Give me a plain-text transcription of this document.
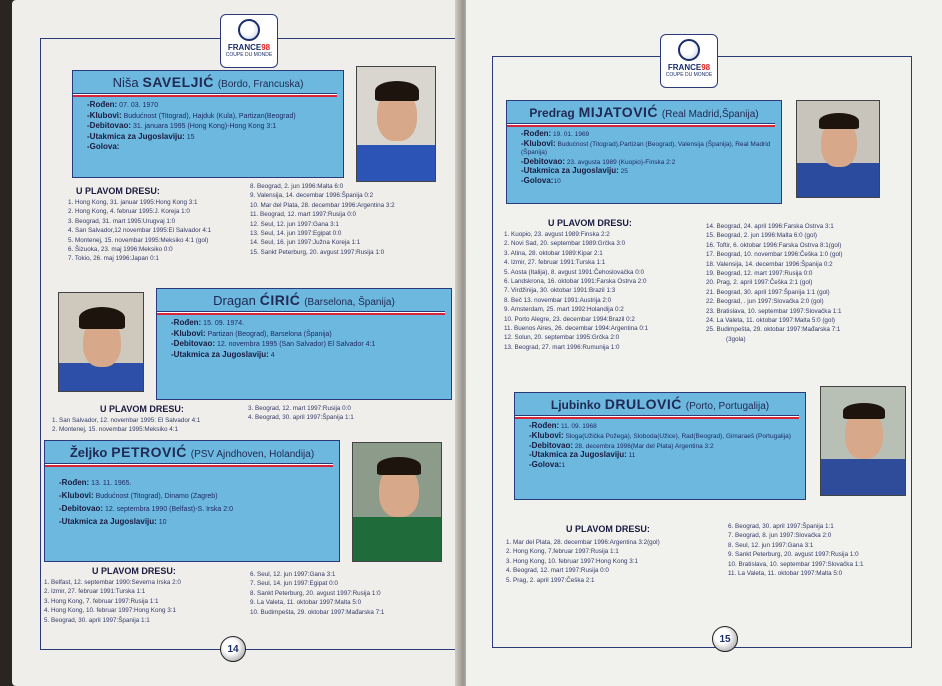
FRANCE98
COUPE DU MONDE
Niša SAVELJIĆ (Bordo, Francuska)
-Rođen: 07. 03. 1970
-Klubovi: Budućnost (Titograd), Hajduk (Kula), Partizan(Beograd)
-Debitovao: 31. januara 1995 (Hong Kong)-Hong Kong 3:1
-Utakmica za Jugoslaviju: 15
-Golova:
U PLAVOM DRESU:
1. Hong Kong, 31. januar 1995:Hong Kong 3:1
2. Hong Kong, 4. februar 1995:J. Koreja 1:0
3. Beograd, 31. mart 1995:Urugvaj 1:0
4. San Salvador,12 novembar 1995:El Salvador 4:1
5. Montenej, 15. novembar 1995:Meksiko 4:1 (gol)
6. Šizuoka, 23. maj 1996:Meksiko 0:0
7. Tokio, 26. maj 1996:Japan 0:1
8. Beograd, 2. jun 1996:Malta 6:0
9. Valensija, 14. decembar 1996:Španija 0:2
10. Mar del Plata, 28. decembar 1996:Argentina 3:2
11. Beograd, 12. mart 1997:Rusija 0:0
12. Seul, 12. jun 1997:Gana 3:1
13. Seul, 14. jun 1997:Egipat 0:0
14. Seul, 16. jun 1997:Južna Koreja 1:1
15. Sankt Peterburg, 20. avgust 1997:Rusija 1:0
Dragan ĆIRIĆ (Barselona, Španija)
-Rođen: 15. 09. 1974.
-Klubovi: Partizan (Beograd), Barselona (Španija)
-Debitovao: 12. novembra 1995 (San Salvador) El Salvador 4:1
-Utakmica za Jugoslaviju: 4
U PLAVOM DRESU:
1. San Salvador, 12. novembar 1995: El Salvador 4:1
2. Montenej, 15. novembar 1995:Meksiko 4:1
3. Beograd, 12. mart 1997:Rusija 0:0
4. Beograd, 30. april 1997:Španija 1:1
Željko PETROVIĆ (PSV Ajndhoven, Holandija)
-Rođen: 13. 11. 1965.
-Klubovi: Budućnost (Titograd), Dinamo (Zagreb)
-Debitovao: 12. septembra 1990 (Belfast)-S. Irska 2:0
-Utakmica za Jugoslaviju: 10
U PLAVOM DRESU:
1. Belfast, 12. septembar 1990:Severna Irska 2:0
2. Izmir, 27. februar 1991:Turska 1:1
3. Hong Kong, 7. februar 1997:Rusija 1:1
4. Hong Kong, 10. februar 1997:Hong Kong 3:1
5. Beograd, 30. april 1997:Španija 1:1
6. Seul, 12. jun 1997:Gana 3:1
7. Seul, 14. jun 1997:Egipat 0:0
8. Sankt Peterburg, 20. avgust 1997:Rusija 1:0
9. La Valeta, 11. oktobar 1997:Malta 5:0
10. Budimpešta, 29. oktobar 1997:Mađarska 7:1
14
FRANCE98
COUPE DU MONDE
Predrag MIJATOVIĆ (Real Madrid,Španija)
-Rođen: 19. 01. 1969
-Klubovi: Budućnost (Titograd),Partizan (Beograd), Valensija (Španija), Real Madrid (Španija)
-Debitovao: 23. avgusta 1989 (Kuopio)-Finska 2:2
-Utakmica za Jugoslaviju: 25
-Golova:10
U PLAVOM DRESU:
1. Kuopio, 23. avgust 1989:Finska 2:2
2. Novi Sad, 20. septembar 1989:Grčka 3:0
3. Atina, 28. oktobar 1989:Kipar 2:1
4. Izmir, 27. februar 1991:Turska 1:1
5. Aosta (Italija), 8. avgust 1991:Čehoslovačka 0:0
6. Landskrona, 16. oktobar 1991:Farska Ostrva 2:0
7. Virdžinija, 30. oktobar 1991:Brazil 1:3
8. Beč 13. novembar 1991:Austrija 2:0
9. Amsterdam, 25. mart 1992:Holandija 0:2
10. Porto Alegre, 23. decembar 1994:Brazil 0:2
11. Buenos Aires, 26. decembar 1994:Argentina 0:1
12. Solun, 20. septembar 1995:Grčka 2:0
13. Beograd, 27. mart 1996:Rumunija 1:0
14. Beograd, 24. april 1996:Farska Ostrva 3:1
15. Beograd, 2. jun 1996:Malta 6:0 (gol)
16. Toftir, 6. oktobar 1996:Farska Ostrva 8:1(gol)
17. Beograd, 10. novembar 1996:Češka 1:0 (gol)
18. Valensija, 14. decembar 1996:Španija 0:2
19. Beograd, 12. mart 1997:Rusija 0:0
20. Prag, 2. april 1997:Češka 2:1 (gol)
21. Beograd, 30. april 1997:Španija 1:1 (gol)
22. Beograd, . jun 1997:Slovačka 2:0 (gol)
23. Bratislava, 10. septembar 1997:Slovačka 1:1
24. La Valeta, 11. oktobar 1997:Malta 5:0 (gol)
25. Budimpešta, 29. oktobar 1997:Mađarska 7:1
(3gola)
Ljubinko DRULOVIĆ (Porto, Portugalija)
-Rođen: 11. 09. 1968
-Klubovi: Sloga(Užička Požega), Sloboda(Užice), Rad(Beograd), Gimaraeš (Portugalija)
-Debitovao: 28. decembra 1996(Mar del Plata) Argentina 3:2
-Utakmica za Jugoslaviju: 11
-Golova:1
U PLAVOM DRESU:
1. Mar del Plata, 28. decembar 1996:Argentina 3:2(gol)
2. Hong Kong, 7.februar 1997:Rusija 1:1
3. Hong Kong, 10. februar 1997:Hong Kong 3:1
4. Beograd, 12. mart 1997:Rusija 0:0
5. Prag, 2. april 1997:Češka 2:1
6. Beograd, 30. april 1997:Španija 1:1
7. Beograd, 8. jun 1997:Slovačka 2:0
8. Seul, 12. jun 1997:Gana 3:1
9. Sankt Peterburg, 20. avgust 1997:Rusija 1:0
10. Bratislava, 10. septembar 1997:Slovačka 1:1
11. La Valeta, 11. oktobar 1997:Malta 5:0
15
